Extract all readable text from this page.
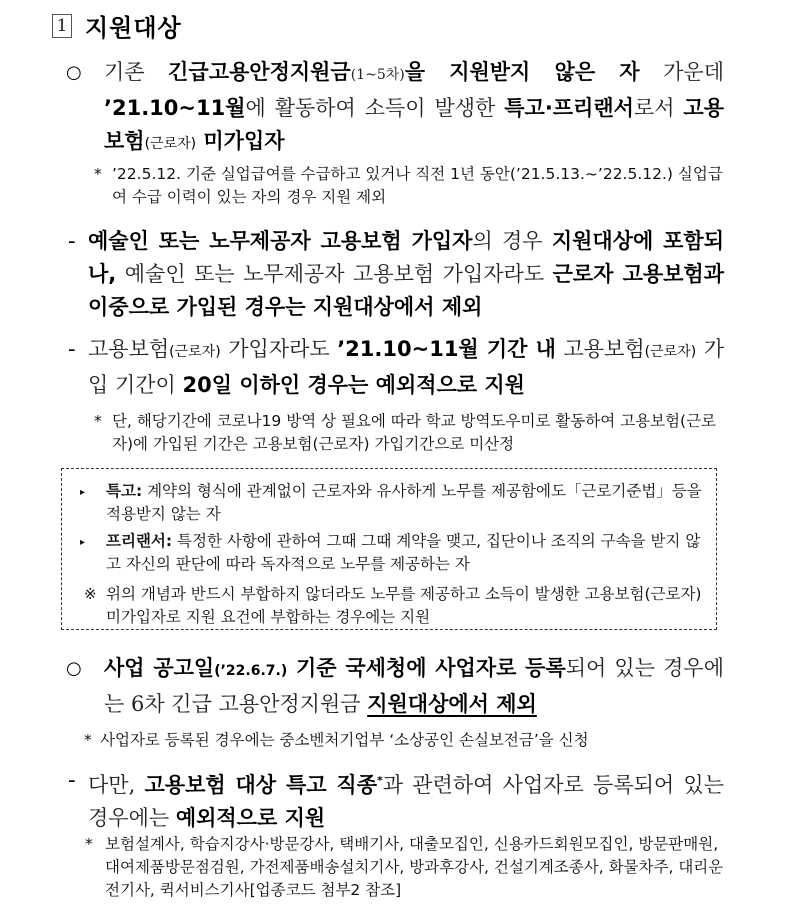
1 지원대상
○ 기존 긴급고용안정지원금(1~5차)을 지원받지 않은 자 가운데 ’21.10~11월에 활동하여 소득이 발생한 특고·프리랜서로서 고용보험(근로자) 미가입자
* ’22.5.12. 기준 실업급여를 수급하고 있거나 직전 1년 동안(’21.5.13.~’22.5.12.) 실업급여 수급 이력이 있는 자의 경우 지원 제외
- 예술인 또는 노무제공자 고용보험 가입자의 경우 지원대상에 포함되나, 예술인 또는 노무제공자 고용보험 가입자라도 근로자 고용보험과 이중으로 가입된 경우는 지원대상에서 제외
- 고용보험(근로자) 가입자라도 ’21.10~11월 기간 내 고용보험(근로자) 가입 기간이 20일 이하인 경우는 예외적으로 지원
* 단, 해당기간에 코로나19 방역 상 필요에 따라 학교 방역도우미로 활동하여 고용보험(근로자)에 가입된 기간은 고용보험(근로자) 가입기간으로 미산정
▸ 특고: 계약의 형식에 관계없이 근로자와 유사하게 노무를 제공함에도「근로기준법」등을 적용받지 않는 자
▸ 프리랜서: 특정한 사항에 관하여 그때 그때 계약을 맺고, 집단이나 조직의 구속을 받지 않고 자신의 판단에 따라 독자적으로 노무를 제공하는 자
※ 위의 개념과 반드시 부합하지 않더라도 노무를 제공하고 소득이 발생한 고용보험(근로자) 미가입자로 지원 요건에 부합하는 경우에는 지원
○ 사업 공고일(’22.6.7.) 기준 국세청에 사업자로 등록되어 있는 경우에는 6차 긴급 고용안정지원금 지원대상에서 제외
* 사업자로 등록된 경우에는 중소벤처기업부 ‘소상공인 손실보전금’을 신청
- 다만, 고용보험 대상 특고 직종*과 관련하여 사업자로 등록되어 있는 경우에는 예외적으로 지원
* 보험설계사, 학습지강사·방문강사, 택배기사, 대출모집인, 신용카드회원모집인, 방문판매원, 대여제품방문점검원, 가전제품배송설치기사, 방과후강사, 건설기계조종사, 화물차주, 대리운전기사, 퀵서비스기사[업종코드 첨부2 참조]
